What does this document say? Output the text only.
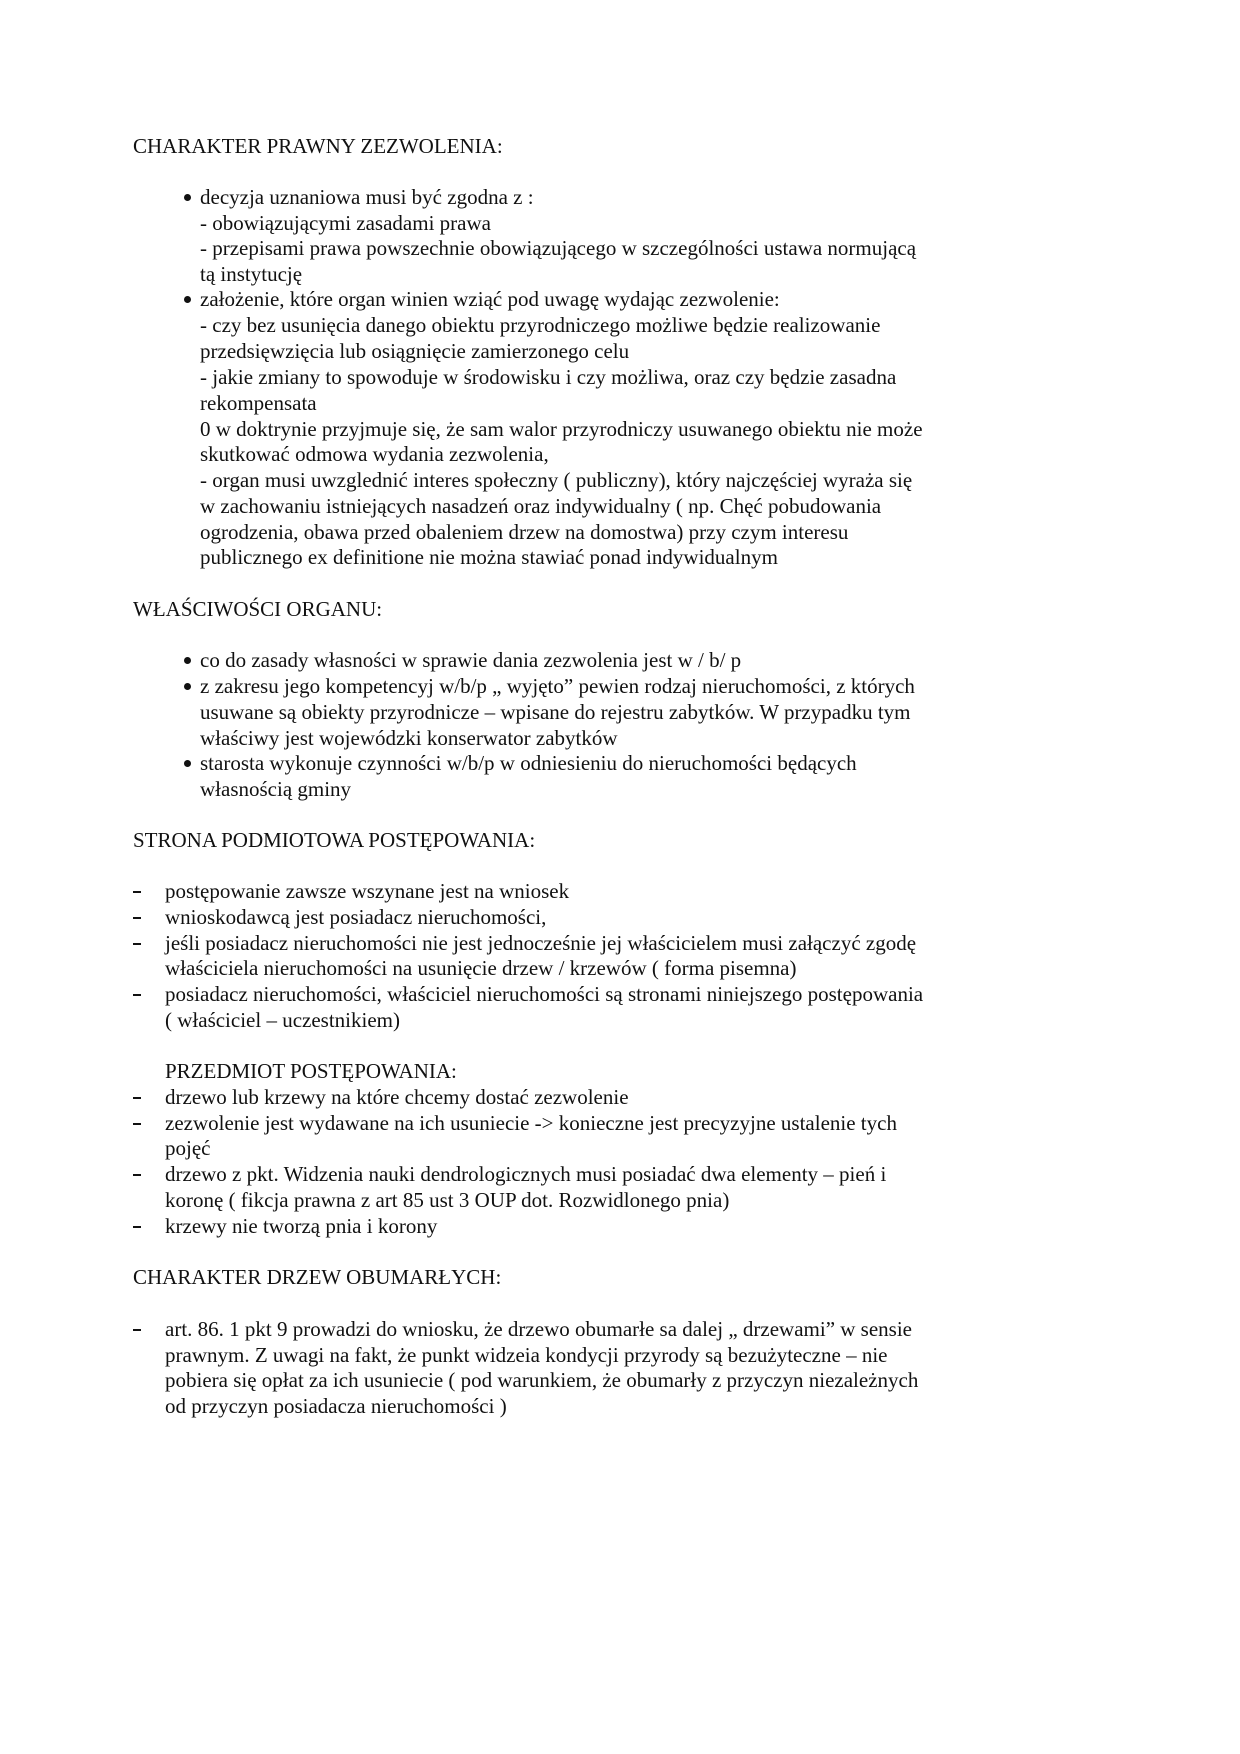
CHARAKTER PRAWNY ZEZWOLENIA:
decyzja uznaniowa musi być zgodna z :
- obowiązującymi zasadami prawa
- przepisami prawa powszechnie obowiązującego w szczególności ustawa normującą
tą instytucję
założenie, które organ winien wziąć pod uwagę wydając zezwolenie:
- czy bez usunięcia danego obiektu przyrodniczego możliwe będzie realizowanie
przedsięwzięcia lub osiągnięcie zamierzonego celu
- jakie zmiany to spowoduje w środowisku i czy możliwa, oraz czy będzie zasadna
rekompensata
0 w doktrynie przyjmuje się, że sam walor przyrodniczy usuwanego obiektu nie może
skutkować odmowa wydania zezwolenia,
- organ musi uwzglednić interes społeczny ( publiczny), który najczęściej wyraża się
w zachowaniu istniejących nasadzeń oraz indywidualny ( np. Chęć pobudowania
ogrodzenia, obawa przed obaleniem drzew na domostwa) przy czym interesu
publicznego ex definitione nie można stawiać ponad indywidualnym
WŁAŚCIWOŚCI ORGANU:
co do zasady własności w sprawie dania zezwolenia jest w / b/ p
z zakresu jego kompetencyj w/b/p „ wyjęto” pewien rodzaj nieruchomości, z których
usuwane są obiekty przyrodnicze – wpisane do rejestru zabytków. W przypadku tym
właściwy jest wojewódzki konserwator zabytków
starosta wykonuje czynności w/b/p w odniesieniu do nieruchomości będących
własnością gminy
STRONA PODMIOTOWA POSTĘPOWANIA:
postępowanie zawsze wszynane jest na wniosek
wnioskodawcą jest posiadacz nieruchomości,
jeśli posiadacz nieruchomości nie jest jednocześnie jej właścicielem musi załączyć zgodę
właściciela nieruchomości na usunięcie drzew / krzewów ( forma pisemna)
posiadacz nieruchomości, właściciel nieruchomości są stronami niniejszego postępowania
( właściciel – uczestnikiem)
PRZEDMIOT POSTĘPOWANIA:
drzewo lub krzewy na które chcemy dostać zezwolenie
zezwolenie jest wydawane na ich usuniecie -> konieczne jest precyzyjne ustalenie tych
pojęć
drzewo z pkt. Widzenia nauki dendrologicznych musi posiadać dwa elementy – pień i
koronę ( fikcja prawna z art 85 ust 3 OUP dot. Rozwidlonego pnia)
krzewy nie tworzą pnia i korony
CHARAKTER DRZEW OBUMARŁYCH:
art. 86. 1 pkt 9 prowadzi do wniosku, że drzewo obumarłe sa dalej „ drzewami” w sensie
prawnym. Z uwagi na fakt, że punkt widzeia kondycji przyrody są bezużyteczne – nie
pobiera się opłat za ich usuniecie ( pod warunkiem, że obumarły z przyczyn niezależnych
od przyczyn posiadacza nieruchomości )
